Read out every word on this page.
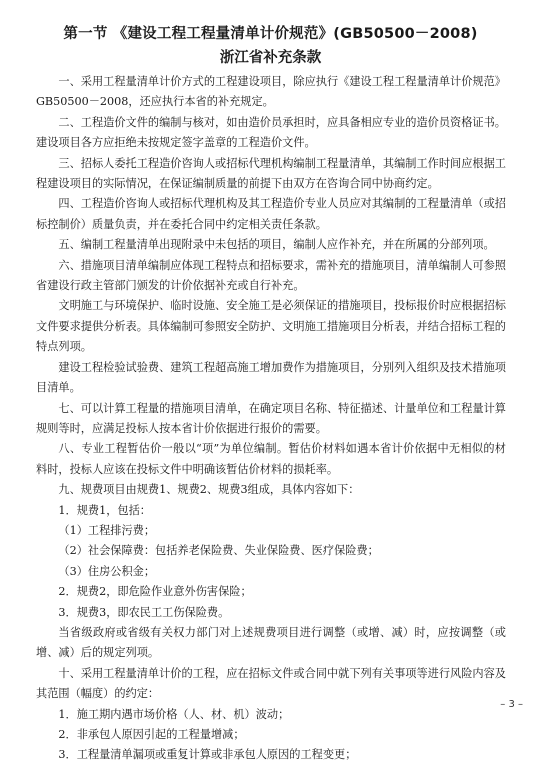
第一节 《建设工程工程量清单计价规范》(GB50500－2008)
浙江省补充条款

一、采用工程量清单计价方式的工程建设项目，除应执行《建设工程工程量清单计价规范》GB50500－2008，还应执行本省的补充规定。

二、工程造价文件的编制与核对，如由造价员承担时，应具备相应专业的造价员资格证书。建设项目各方应拒绝未按规定签字盖章的工程造价文件。

三、招标人委托工程造价咨询人或招标代理机构编制工程量清单，其编制工作时间应根据工程建设项目的实际情况，在保证编制质量的前提下由双方在咨询合同中协商约定。

四、工程造价咨询人或招标代理机构及其工程造价专业人员应对其编制的工程量清单（或招标控制价）质量负责，并在委托合同中约定相关责任条款。

五、编制工程量清单出现附录中未包括的项目，编制人应作补充，并在所属的分部列项。

六、措施项目清单编制应体现工程特点和招标要求，需补充的措施项目，清单编制人可参照省建设行政主管部门颁发的计价依据补充或自行补充。

文明施工与环境保护、临时设施、安全施工是必须保证的措施项目，投标报价时应根据招标文件要求提供分析表。具体编制可参照安全防护、文明施工措施项目分析表，并结合招标工程的特点列项。

建设工程检验试验费、建筑工程超高施工增加费作为措施项目，分别列入组织及技术措施项目清单。

七、可以计算工程量的措施项目清单，在确定项目名称、特征描述、计量单位和工程量计算规则等时，应满足投标人按本省计价依据进行报价的需要。

八、专业工程暂估价一般以“项”为单位编制。暂估价材料如遇本省计价依据中无相似的材料时，投标人应该在投标文件中明确该暂估价材料的损耗率。

九、规费项目由规费1、规费2、规费3组成，具体内容如下：

1．规费1，包括：

（1）工程排污费；

（2）社会保障费：包括养老保险费、失业保险费、医疗保险费；

（3）住房公积金；

2．规费2，即危险作业意外伤害保险；

3．规费3，即农民工工伤保险费。

当省级政府或省级有关权力部门对上述规费项目进行调整（或增、减）时，应按调整（或增、减）后的规定列项。

十、采用工程量清单计价的工程，应在招标文件或合同中就下列有关事项等进行风险内容及其范围（幅度）的约定：

1．施工期内遇市场价格（人、材、机）波动；

2．非承包人原因引起的工程量增减；

3．工程量清单漏项或重复计算或非承包人原因的工程变更；

– 3 –
